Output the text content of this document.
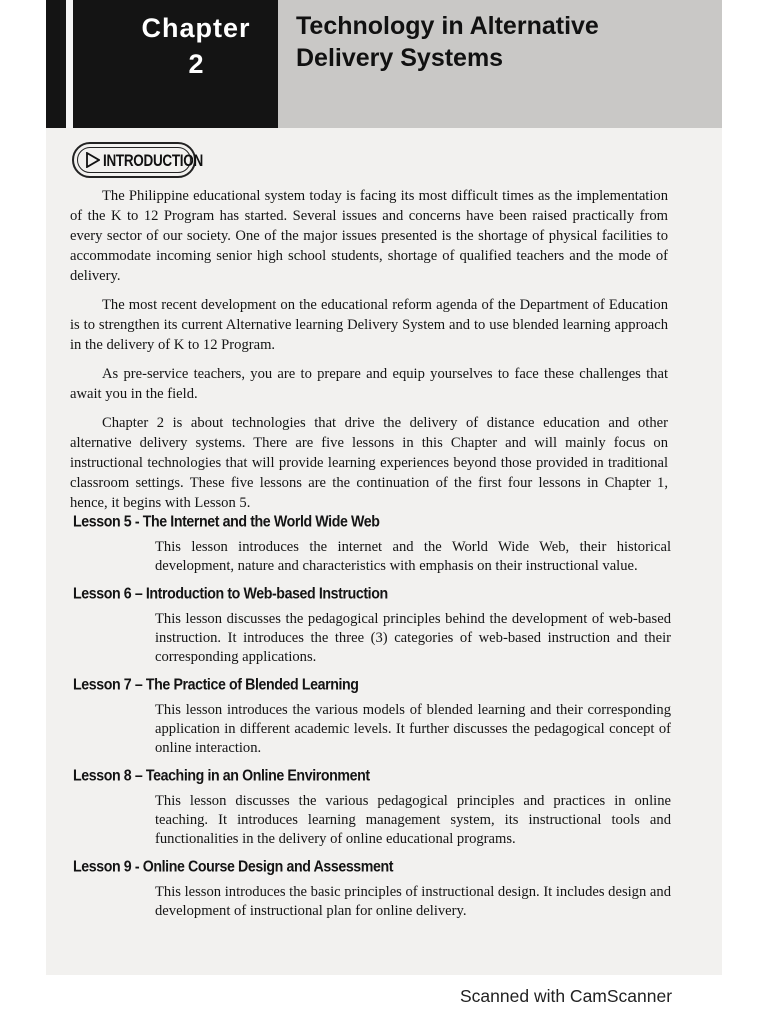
Chapter
2
Technology in Alternative
Delivery Systems
INTRODUCTION

The Philippine educational system today is facing its most difficult times as the implementation of the K to 12 Program has started. Several issues and concerns have been raised practically from every sector of our society. One of the major issues presented is the shortage of physical facilities to accommodate incoming senior high school students, shortage of qualified teachers and the mode of delivery.

The most recent development on the educational reform agenda of the Department of Education is to strengthen its current Alternative learning Delivery System and to use blended learning approach in the delivery of K to 12 Program.

As pre-service teachers, you are to prepare and equip yourselves to face these challenges that await you in the field.

Chapter 2 is about technologies that drive the delivery of distance education and other alternative delivery systems. There are five lessons in this Chapter and will mainly focus on instructional technologies that will provide learning experiences beyond those provided in traditional classroom settings. These five lessons are the continuation of the first four lessons in Chapter 1, hence, it begins with Lesson 5.

Lesson 5 - The Internet and the World Wide Web
This lesson introduces the internet and the World Wide Web, their historical development, nature and characteristics with emphasis on their instructional value.
Lesson 6 – Introduction to Web-based Instruction
This lesson discusses the pedagogical principles behind the development of web-based instruction. It introduces the three (3) categories of web-based instruction and their corresponding applications.
Lesson 7 – The Practice of Blended Learning
This lesson introduces the various models of blended learning and their corresponding application in different academic levels. It further discusses the pedagogical concept of online interaction.
Lesson 8 – Teaching in an Online Environment
This lesson discusses the various pedagogical principles and practices in online teaching. It introduces learning management system, its instructional tools and functionalities in the delivery of online educational programs.
Lesson 9 - Online Course Design and Assessment
This lesson introduces the basic principles of instructional design. It includes design and development of instructional plan for online delivery.
Scanned with CamScanner
